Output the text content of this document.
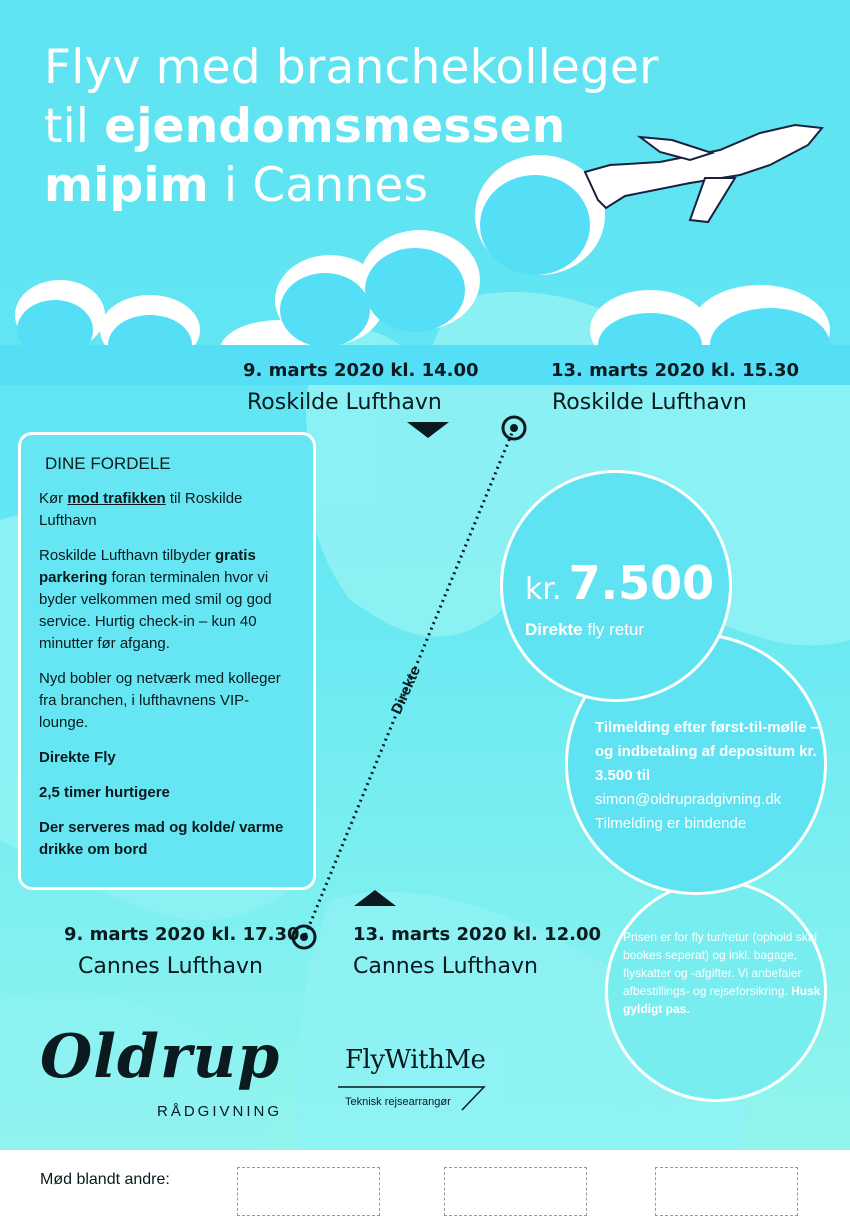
Flyv med branchekolleger
til ejendomsmessen
mipim i Cannes
9. marts 2020 kl. 14.00
Roskilde Lufthavn
13. marts 2020 kl. 15.30
Roskilde Lufthavn
DINE FORDELE

Kør mod trafikken til Roskilde Lufthavn

Roskilde Lufthavn tilbyder gratis parkering foran terminalen hvor vi byder velkommen med smil og god service. Hurtig check-in – kun 40 minutter før afgang.

Nyd bobler og netværk med kolleger fra branchen, i lufthavnens VIP-lounge.

Direkte Fly

2,5 timer hurtigere

Der serveres mad og kolde/ varme drikke om bord

Direkte
kr. 7.500
Direkte fly retur
Tilmelding efter først-til-mølle – og indbetaling af depositum kr. 3.500 til
simon@oldrupradgivning.dk
Tilmelding er bindende
Prisen er for fly tur/retur (ophold skal bookes seperat) og inkl. bagage, flyskatter og -afgifter. Vi anbefaler afbestillings- og rejseforsikring. Husk gyldigt pas.
9. marts 2020 kl. 17.30
Cannes Lufthavn
13. marts 2020 kl. 12.00
Cannes Lufthavn
Oldrup
RÅDGIVNING
FlyWithMe
Teknisk rejsearrangør
Mød blandt andre:
